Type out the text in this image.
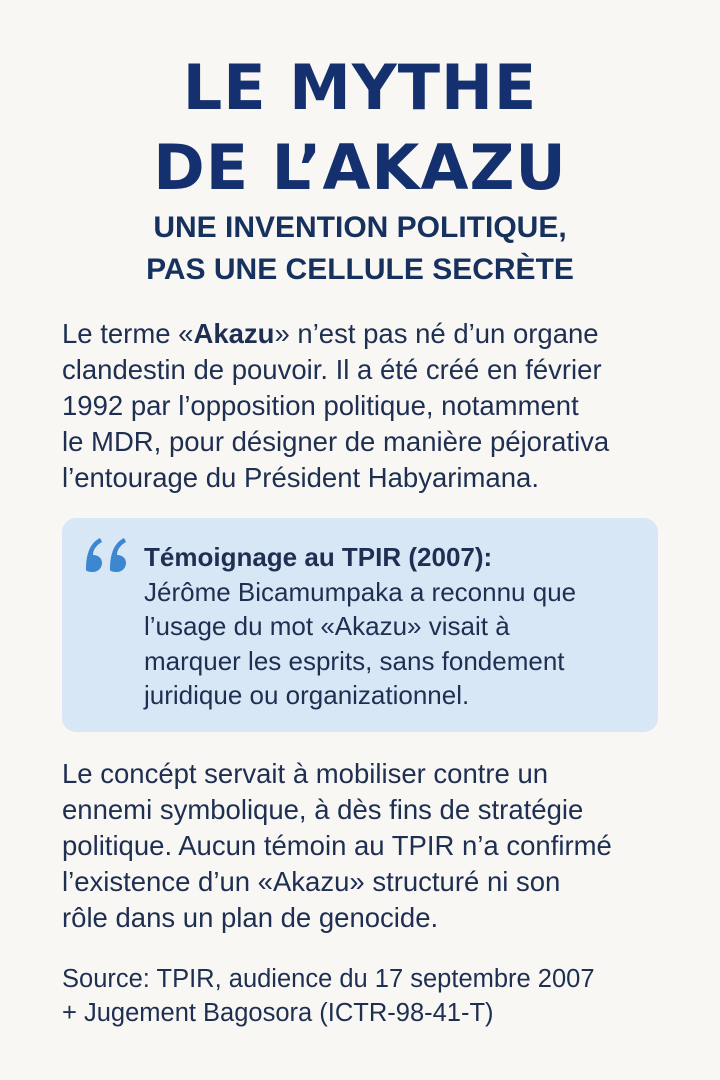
LE MYTHE
DE L’AKAZU
UNE INVENTION POLITIQUE,
PAS UNE CELLULE SECRÈTE
Le terme «Akazu» n’est pas né d’un organe
clandestin de pouvoir. Il a été créé en février
1992 par l’opposition politique, notamment
le MDR, pour désigner de manière péjorativa
l’entourage du Président Habyarimana.
Témoignage au TPIR (2007):
Jérôme Bicamumpaka a reconnu que
l’usage du mot «Akazu» visait à
marquer les esprits, sans fondement
juridique ou organizationnel.
Le concépt servait à mobiliser contre un
ennemi symbolique, à dès fins de stratégie
politique. Aucun témoin au TPIR n’a confirmé
l’existence d’un «Akazu» structuré ni son
rôle dans un plan de genocide.
Source: TPIR, audience du 17 septembre 2007
+ Jugement Bagosora (ICTR-98-41-T)
